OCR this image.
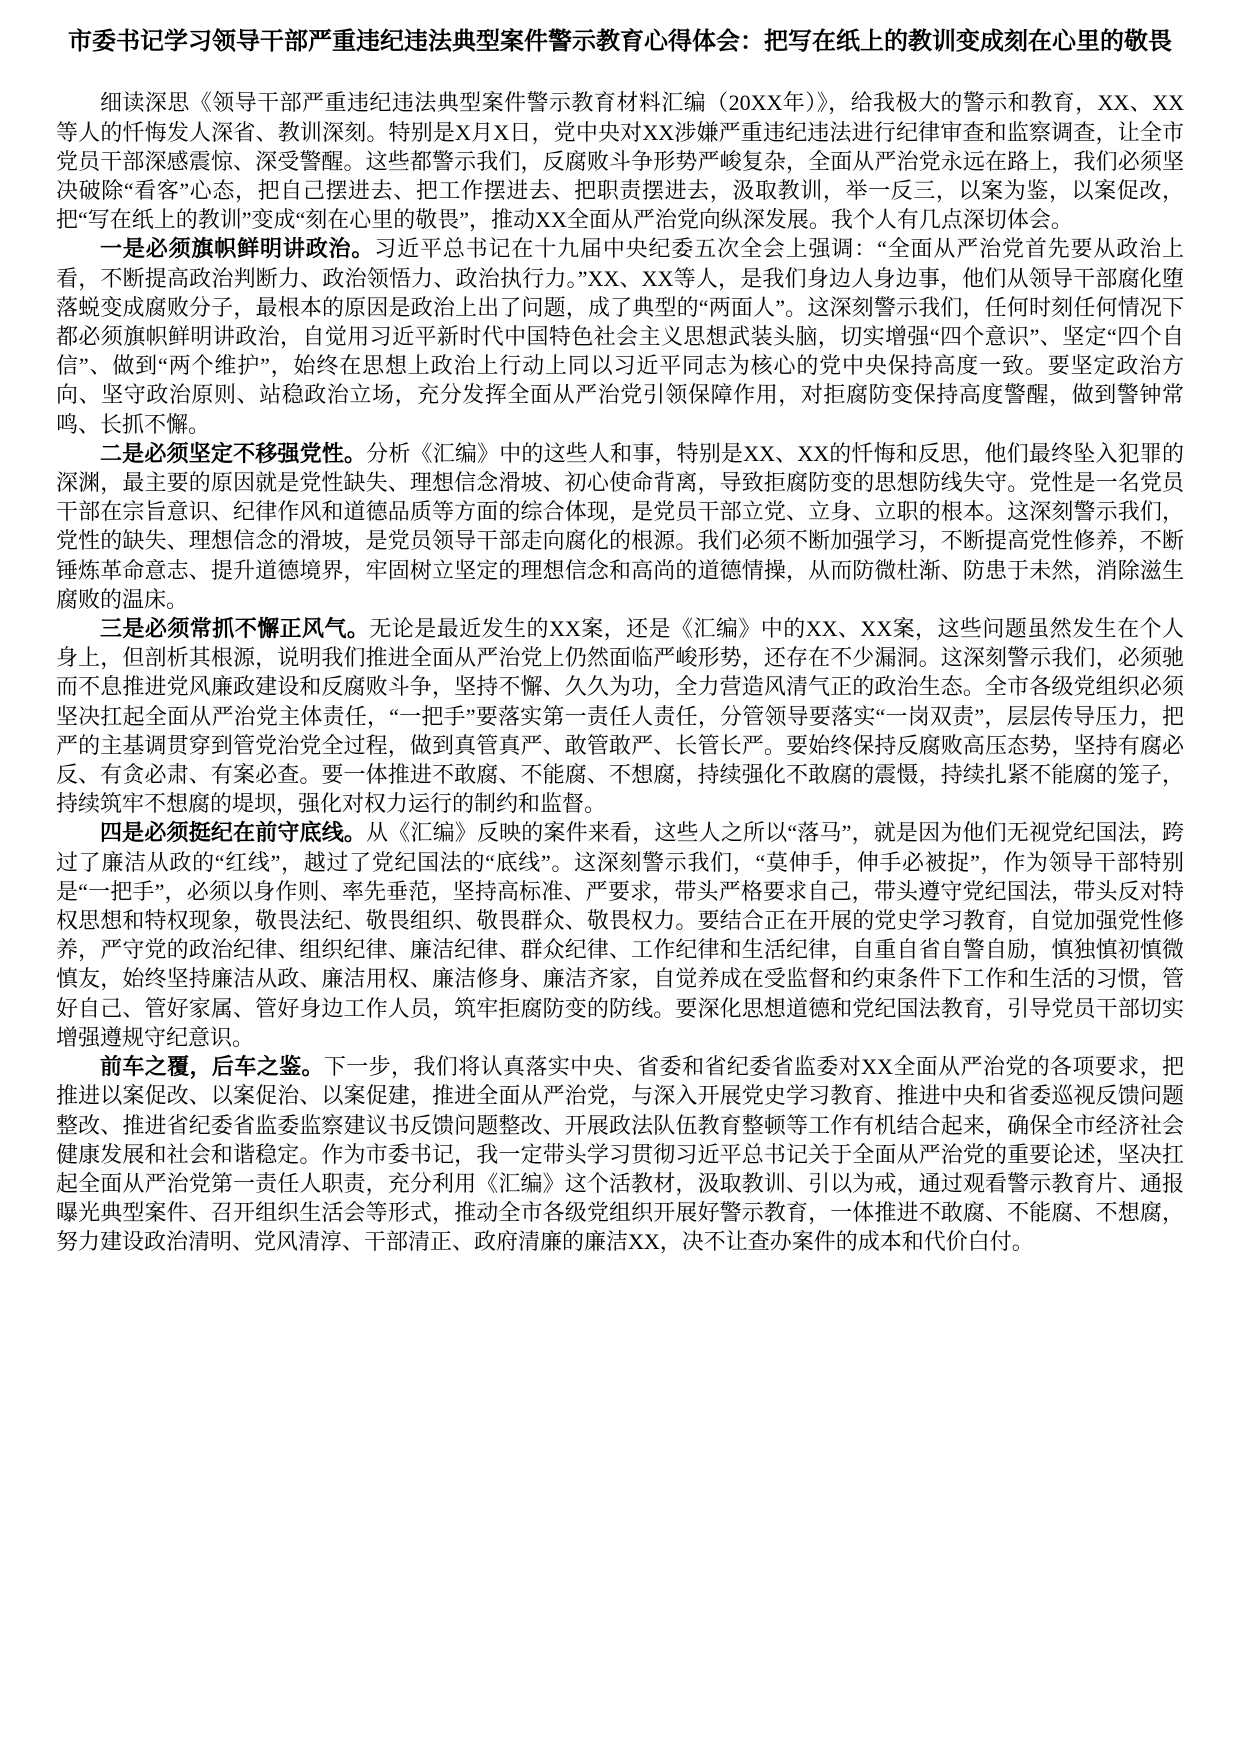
市委书记学习领导干部严重违纪违法典型案件警示教育心得体会：把写在纸上的教训变成刻在心里的敬畏

细读深思《领导干部严重违纪违法典型案件警示教育材料汇编（20XX年）》，给我极大的警示和教育，XX、XX等人的忏悔发人深省、教训深刻。特别是X月X日，党中央对XX涉嫌严重违纪违法进行纪律审查和监察调查，让全市党员干部深感震惊、深受警醒。这些都警示我们，反腐败斗争形势严峻复杂，全面从严治党永远在路上，我们必须坚决破除“看客”心态，把自己摆进去、把工作摆进去、把职责摆进去，汲取教训，举一反三，以案为鉴，以案促改，把“写在纸上的教训”变成“刻在心里的敬畏”，推动XX全面从严治党向纵深发展。我个人有几点深切体会。

一是必须旗帜鲜明讲政治。习近平总书记在十九届中央纪委五次全会上强调：“全面从严治党首先要从政治上看，不断提高政治判断力、政治领悟力、政治执行力。”XX、XX等人，是我们身边人身边事，他们从领导干部腐化堕落蜕变成腐败分子，最根本的原因是政治上出了问题，成了典型的“两面人”。这深刻警示我们，任何时刻任何情况下都必须旗帜鲜明讲政治，自觉用习近平新时代中国特色社会主义思想武装头脑，切实增强“四个意识”、坚定“四个自信”、做到“两个维护”，始终在思想上政治上行动上同以习近平同志为核心的党中央保持高度一致。要坚定政治方向、坚守政治原则、站稳政治立场，充分发挥全面从严治党引领保障作用，对拒腐防变保持高度警醒，做到警钟常鸣、长抓不懈。

二是必须坚定不移强党性。分析《汇编》中的这些人和事，特别是XX、XX的忏悔和反思，他们最终坠入犯罪的深渊，最主要的原因就是党性缺失、理想信念滑坡、初心使命背离，导致拒腐防变的思想防线失守。党性是一名党员干部在宗旨意识、纪律作风和道德品质等方面的综合体现，是党员干部立党、立身、立职的根本。这深刻警示我们，党性的缺失、理想信念的滑坡，是党员领导干部走向腐化的根源。我们必须不断加强学习，不断提高党性修养，不断锤炼革命意志、提升道德境界，牢固树立坚定的理想信念和高尚的道德情操，从而防微杜渐、防患于未然，消除滋生腐败的温床。

三是必须常抓不懈正风气。无论是最近发生的XX案，还是《汇编》中的XX、XX案，这些问题虽然发生在个人身上，但剖析其根源，说明我们推进全面从严治党上仍然面临严峻形势，还存在不少漏洞。这深刻警示我们，必须驰而不息推进党风廉政建设和反腐败斗争，坚持不懈、久久为功，全力营造风清气正的政治生态。全市各级党组织必须坚决扛起全面从严治党主体责任，“一把手”要落实第一责任人责任，分管领导要落实“一岗双责”，层层传导压力，把严的主基调贯穿到管党治党全过程，做到真管真严、敢管敢严、长管长严。要始终保持反腐败高压态势，坚持有腐必反、有贪必肃、有案必查。要一体推进不敢腐、不能腐、不想腐，持续强化不敢腐的震慑，持续扎紧不能腐的笼子，持续筑牢不想腐的堤坝，强化对权力运行的制约和监督。

四是必须挺纪在前守底线。从《汇编》反映的案件来看，这些人之所以“落马”，就是因为他们无视党纪国法，跨过了廉洁从政的“红线”，越过了党纪国法的“底线”。这深刻警示我们，“莫伸手，伸手必被捉”，作为领导干部特别是“一把手”，必须以身作则、率先垂范，坚持高标准、严要求，带头严格要求自己，带头遵守党纪国法，带头反对特权思想和特权现象，敬畏法纪、敬畏组织、敬畏群众、敬畏权力。要结合正在开展的党史学习教育，自觉加强党性修养，严守党的政治纪律、组织纪律、廉洁纪律、群众纪律、工作纪律和生活纪律，自重自省自警自励，慎独慎初慎微慎友，始终坚持廉洁从政、廉洁用权、廉洁修身、廉洁齐家，自觉养成在受监督和约束条件下工作和生活的习惯，管好自己、管好家属、管好身边工作人员，筑牢拒腐防变的防线。要深化思想道德和党纪国法教育，引导党员干部切实增强遵规守纪意识。

前车之覆，后车之鉴。下一步，我们将认真落实中央、省委和省纪委省监委对XX全面从严治党的各项要求，把推进以案促改、以案促治、以案促建，推进全面从严治党，与深入开展党史学习教育、推进中央和省委巡视反馈问题整改、推进省纪委省监委监察建议书反馈问题整改、开展政法队伍教育整顿等工作有机结合起来，确保全市经济社会健康发展和社会和谐稳定。作为市委书记，我一定带头学习贯彻习近平总书记关于全面从严治党的重要论述，坚决扛起全面从严治党第一责任人职责，充分利用《汇编》这个活教材，汲取教训、引以为戒，通过观看警示教育片、通报曝光典型案件、召开组织生活会等形式，推动全市各级党组织开展好警示教育，一体推进不敢腐、不能腐、不想腐，努力建设政治清明、党风清淳、干部清正、政府清廉的廉洁XX，决不让查办案件的成本和代价白付。
